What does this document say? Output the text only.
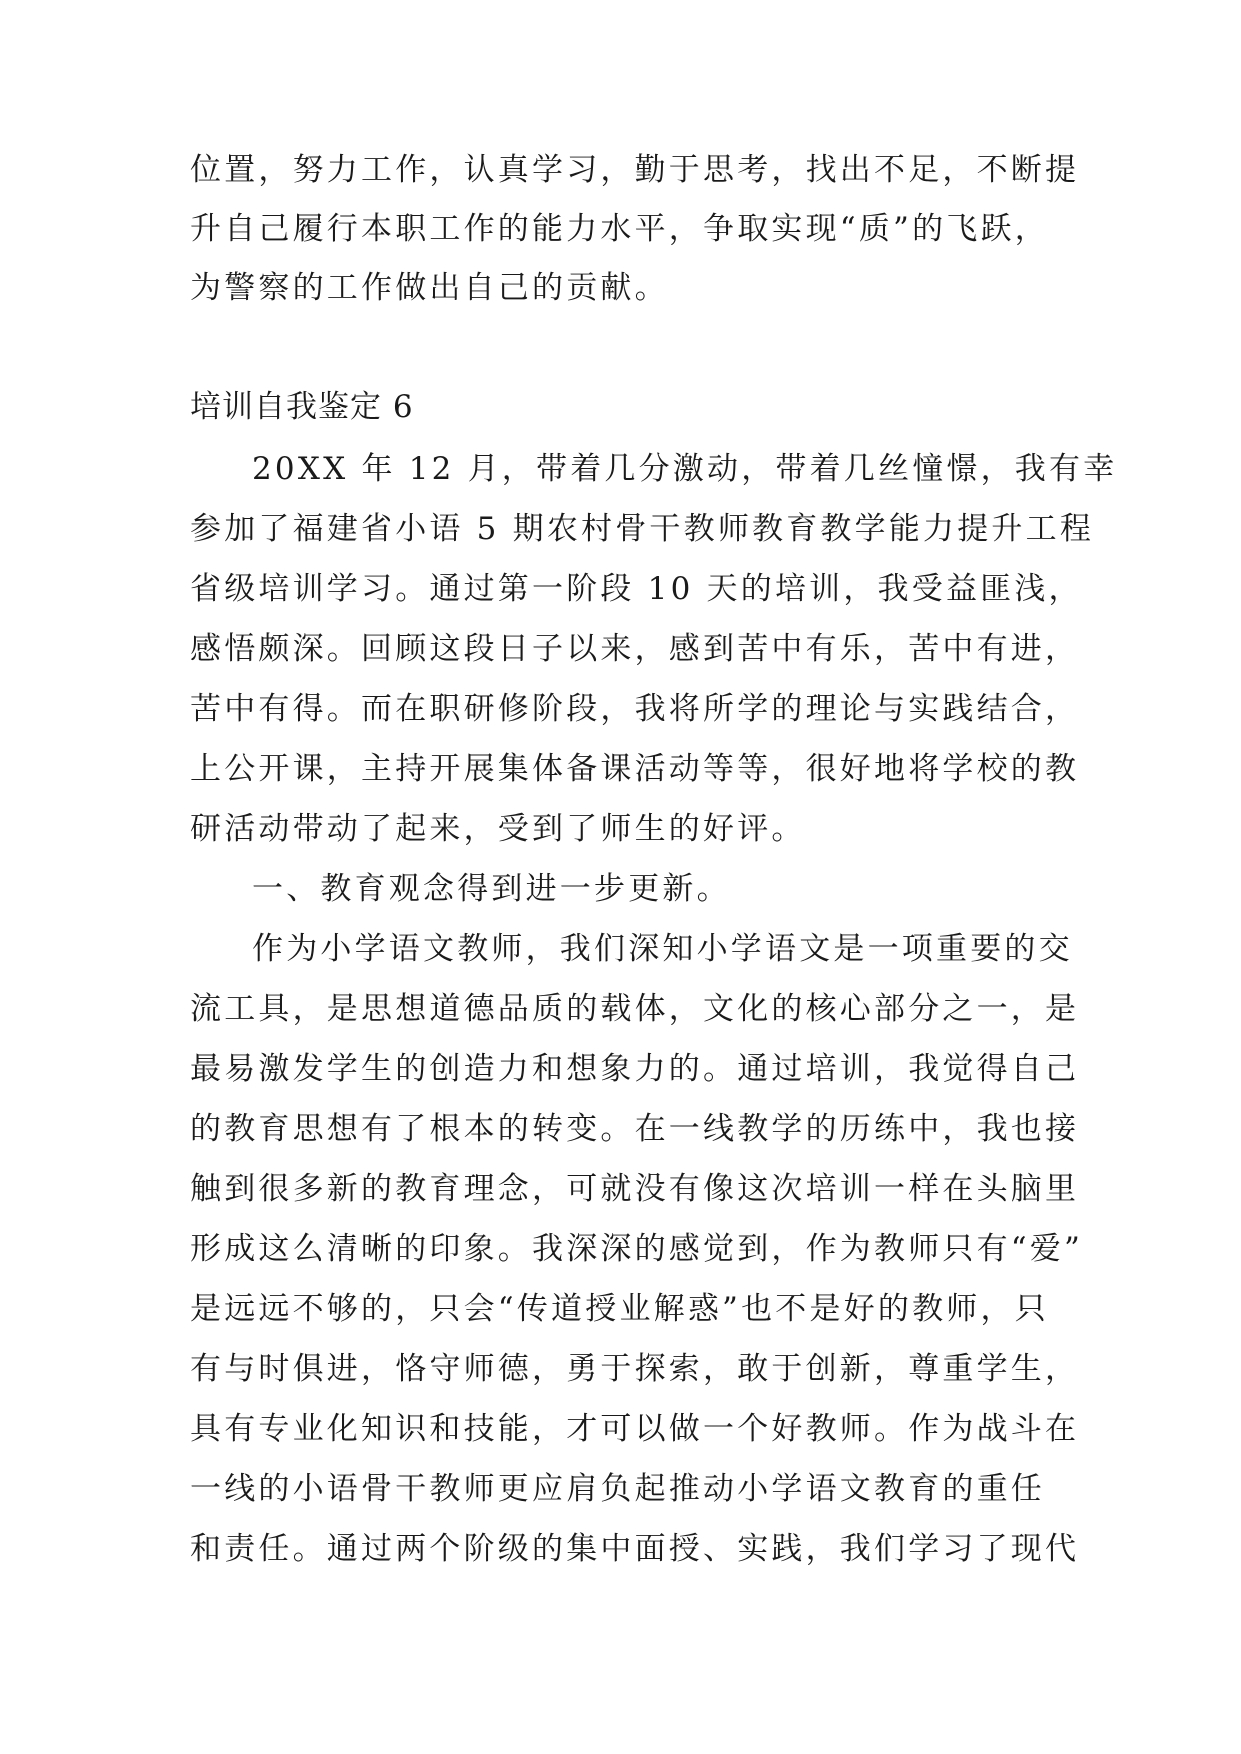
位置，努力工作，认真学习，勤于思考，找出不足，不断提
升自己履行本职工作的能力水平，争取实现“质”的飞跃，
为警察的工作做出自己的贡献。
培训自我鉴定 6
20XX 年 12 月，带着几分激动，带着几丝憧憬，我有幸
参加了福建省小语 5 期农村骨干教师教育教学能力提升工程
省级培训学习。通过第一阶段 10 天的培训，我受益匪浅，
感悟颇深。回顾这段日子以来，感到苦中有乐，苦中有进，
苦中有得。而在职研修阶段，我将所学的理论与实践结合，
上公开课，主持开展集体备课活动等等，很好地将学校的教
研活动带动了起来，受到了师生的好评。
一、教育观念得到进一步更新。
作为小学语文教师，我们深知小学语文是一项重要的交
流工具，是思想道德品质的载体，文化的核心部分之一，是
最易激发学生的创造力和想象力的。通过培训，我觉得自己
的教育思想有了根本的转变。在一线教学的历练中，我也接
触到很多新的教育理念，可就没有像这次培训一样在头脑里
形成这么清晰的印象。我深深的感觉到，作为教师只有“爱”
是远远不够的，只会“传道授业解惑”也不是好的教师，只
有与时俱进，恪守师德，勇于探索，敢于创新，尊重学生，
具有专业化知识和技能，才可以做一个好教师。作为战斗在
一线的小语骨干教师更应肩负起推动小学语文教育的重任
和责任。通过两个阶级的集中面授、实践，我们学习了现代
